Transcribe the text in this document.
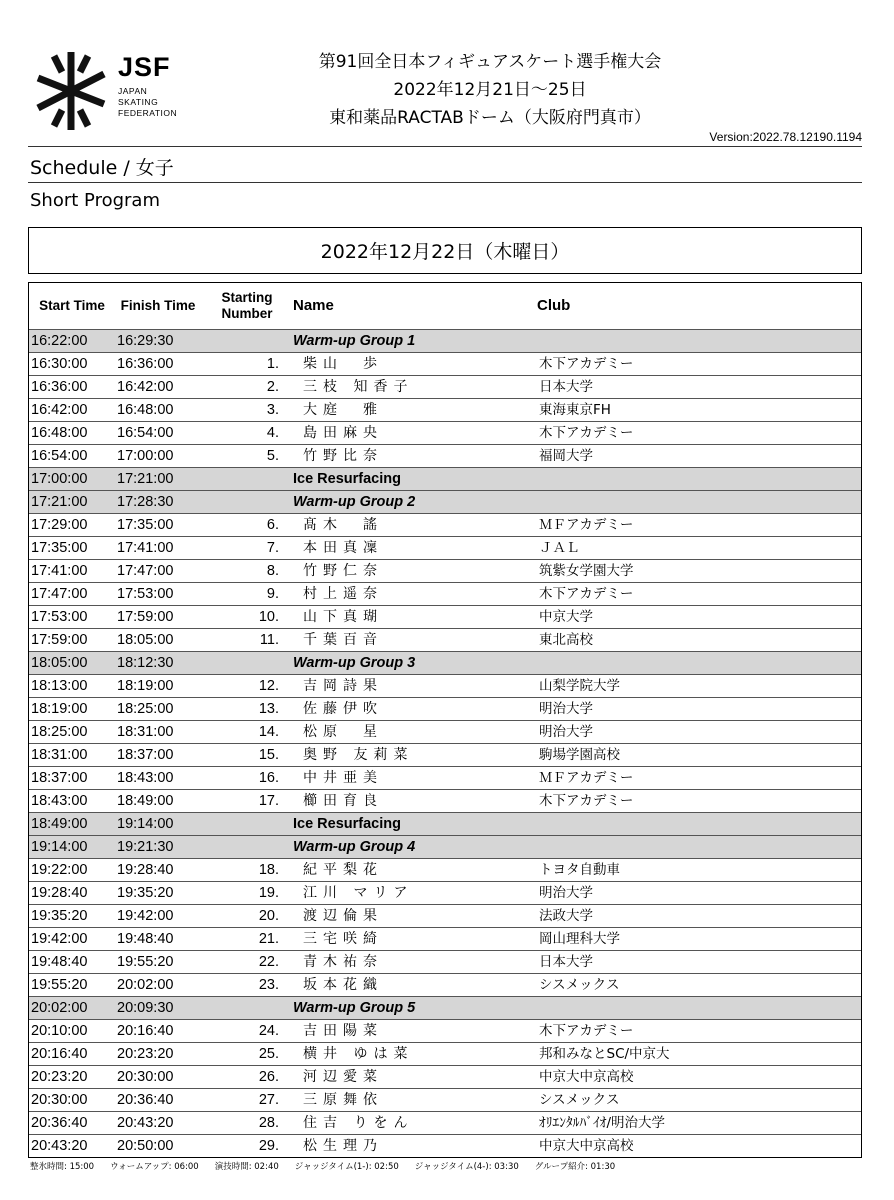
JSF
JAPAN
SKATING
FEDERATION
第91回全日本フィギュアスケート選手権大会
2022年12月21日～25日
東和薬品RACTABドーム（大阪府門真市）
Version:2022.78.12190.1194
Schedule / 女子
Short Program
2022年12月22日（木曜日）
Start Time	Finish Time	Starting Number	Name	Club
16:22:00	16:29:30		Warm-up Group 1	
16:30:00	16:36:00	1.	柴山　歩	木下アカデミー
16:36:00	16:42:00	2.	三枝 知香子	日本大学
16:42:00	16:48:00	3.	大庭　雅	東海東京FH
16:48:00	16:54:00	4.	島田麻央	木下アカデミー
16:54:00	17:00:00	5.	竹野比奈	福岡大学
17:00:00	17:21:00		Ice Resurfacing	
17:21:00	17:28:30		Warm-up Group 2	
17:29:00	17:35:00	6.	髙木　謠	ＭＦアカデミー
17:35:00	17:41:00	7.	本田真凜	ＪＡＬ
17:41:00	17:47:00	8.	竹野仁奈	筑紫女学園大学
17:47:00	17:53:00	9.	村上遥奈	木下アカデミー
17:53:00	17:59:00	10.	山下真瑚	中京大学
17:59:00	18:05:00	11.	千葉百音	東北高校
18:05:00	18:12:30		Warm-up Group 3	
18:13:00	18:19:00	12.	吉岡詩果	山梨学院大学
18:19:00	18:25:00	13.	佐藤伊吹	明治大学
18:25:00	18:31:00	14.	松原　星	明治大学
18:31:00	18:37:00	15.	奥野 友莉菜	駒場学園高校
18:37:00	18:43:00	16.	中井亜美	ＭＦアカデミー
18:43:00	18:49:00	17.	櫛田育良	木下アカデミー
18:49:00	19:14:00		Ice Resurfacing	
19:14:00	19:21:30		Warm-up Group 4	
19:22:00	19:28:40	18.	紀平梨花	トヨタ自動車
19:28:40	19:35:20	19.	江川 マリア	明治大学
19:35:20	19:42:00	20.	渡辺倫果	法政大学
19:42:00	19:48:40	21.	三宅咲綺	岡山理科大学
19:48:40	19:55:20	22.	青木祐奈	日本大学
19:55:20	20:02:00	23.	坂本花織	シスメックス
20:02:00	20:09:30		Warm-up Group 5	
20:10:00	20:16:40	24.	吉田陽菜	木下アカデミー
20:16:40	20:23:20	25.	横井 ゆは菜	邦和みなとSC/中京大
20:23:20	20:30:00	26.	河辺愛菜	中京大中京高校
20:30:00	20:36:40	27.	三原舞依	シスメックス
20:36:40	20:43:20	28.	住吉 りをん	ｵﾘｴﾝﾀﾙﾊﾞｲｵ/明治大学
20:43:20	20:50:00	29.	松生理乃	中京大中京高校
整氷時間: 15:00 ウォームアップ: 06:00 演技時間: 02:40 ジャッジタイム(1-): 02:50 ジャッジタイム(4-): 03:30 グループ紹介: 01:30
